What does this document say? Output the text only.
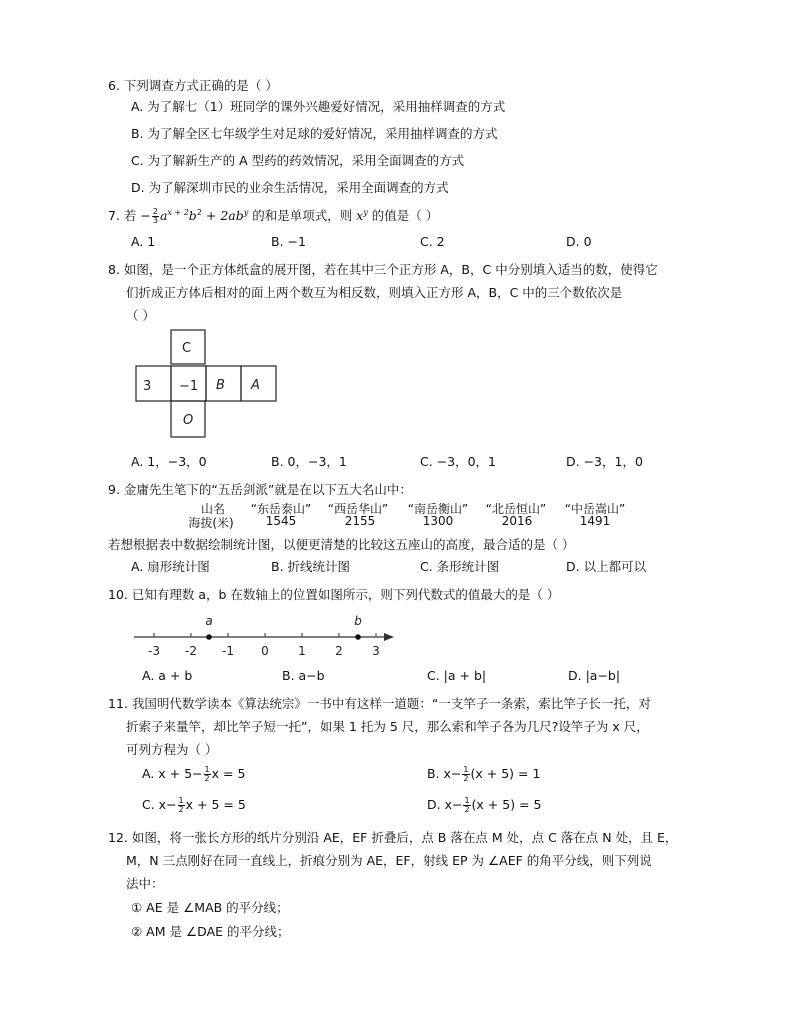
6. 下列调查方式正确的是（ ）
A. 为了解七（1）班同学的课外兴趣爱好情况，采用抽样调查的方式
B. 为了解全区七年级学生对足球的爱好情况，采用抽样调查的方式
C. 为了解新生产的 A 型药的药效情况，采用全面调查的方式
D. 为了解深圳市民的业余生活情况，采用全面调查的方式
7. 若 − $\frac{2}{3} a^{x + 2}b^2 + 2ab^y$ 的和是单项式，则 $x^y$ 的值是（ ）
A. 1	B. −1	C. 2	D. 0
8. 如图，是一个正方体纸盒的展开图，若在其中三个正方形 A，B，C 中分别填入适当的数，使得它
们折成正方体后相对的面上两个数互为相反数，则填入正方形 A，B，C 中的三个数依次是
（ ）
C
3 −1 B A
O
A. 1，−3，0	B. 0，−3，1	C. −3，0，1	D. −3，1，0
9. 金庸先生笔下的“五岳剑派”就是在以下五大名山中：
山名	“东岳泰山”	“西岳华山”	“南岳衡山”	“北岳恒山”	“中岳嵩山”
海拔(米)	1545	2155	1300	2016	1491
若想根据表中数据绘制统计图，以便更清楚的比较这五座山的高度，最合适的是（ ）
A. 扇形统计图	B. 折线统计图	C. 条形统计图	D. 以上都可以
10. 已知有理数 a，b 在数轴上的位置如图所示，则下列代数式的值最大的是（ ）
a	b
-3 -2 -1 0 1 2 3
A. a + b	B. a−b	C. |a + b|	D. |a−b|
11. 我国明代数学读本《算法统宗》一书中有这样一道题：“一支竿子一条索，索比竿子长一托，对
折索子来量竿，却比竿子短一托”，如果 1 托为 5 尺，那么索和竿子各为几尺?设竿子为 x 尺，
可列方程为（ ）
A. $x + 5- \frac{1}{2}$ x = 5	B. $x- \frac{1}{2} (x + 5) = 1$
C. $x- \frac{1}{2}$ x + 5 = 5	D. $x- \frac{1}{2} (x + 5) = 5$
12. 如图，将一张长方形的纸片分别沿 AE，EF 折叠后，点 B 落在点 M 处，点 C 落在点 N 处，且 E，
M，N 三点刚好在同一直线上，折痕分别为 AE，EF，射线 EP 为 ∠AEF 的角平分线，则下列说
法中：
① AE 是 ∠MAB 的平分线；
② AM 是 ∠DAE 的平分线；
